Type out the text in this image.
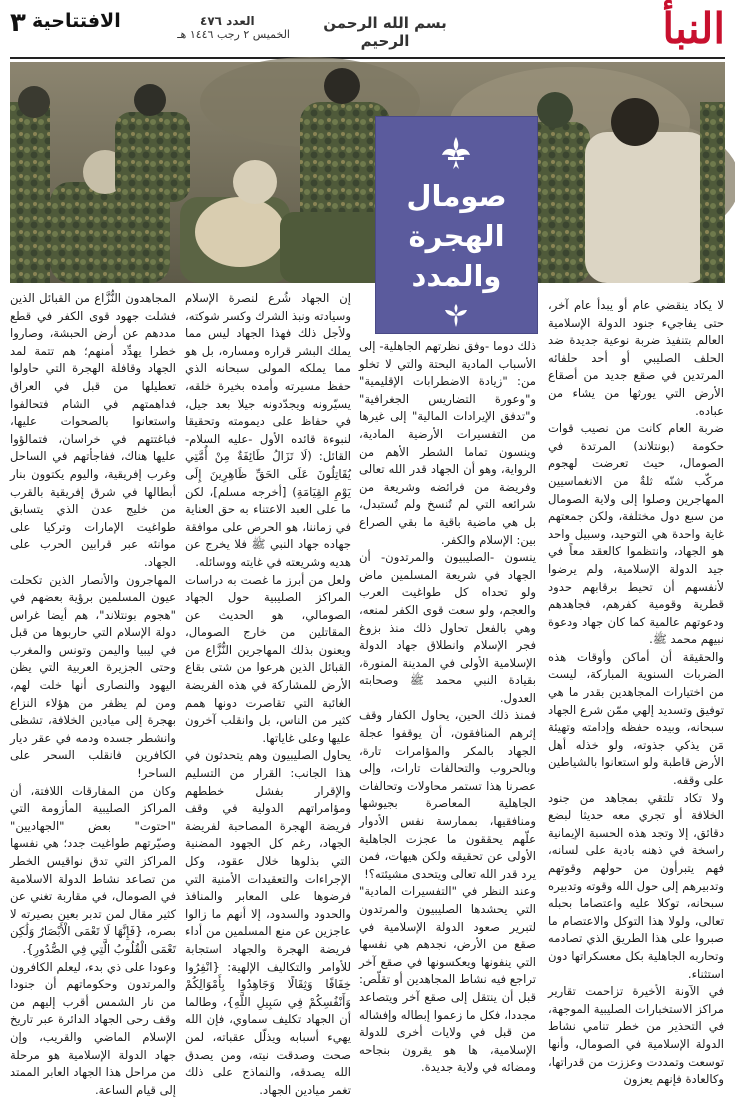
النبأ
بسم الله الرحمن الرحيم
العدد ٤٧٦
الخميس ٢ رجب ١٤٤٦ هـ
الافتتاحية
٣
صومال
الهجرة
والمدد

لا يكاد ينقضي عام أو يبدأ عام آخر، حتى يفاجيء جنود الدولة الإسلامية العالم بتنفيذ ضربة نوعية جديدة ضد الحلف الصليبي أو أحد حلفائه المرتدين في صقع جديد من أصقاع الأرض التي يورثها من يشاء من عباده.

ضربة العام كانت من نصيب قوات حكومة (بونتلاند) المرتدة في الصومال، حيث تعرضت لهجوم مركّب شنّه ثلةٌ من الانغماسيين المهاجرين وصلوا إلى ولاية الصومال من سبع دول مختلفة، ولكن جمعتهم غاية واحدة هي التوحيد، وسبيل واحد هو الجهاد، وانتظموا كالعقد معاً في جيد الدولة الإسلامية، ولم يرضوا لأنفسهم أن تحيط برقابهم حدود قطرية وقومية كفرهم، فجاهدهم ودعوتهم عالمية كما كان جهاد ودعوة نبيهم محمد ﷺ.

والحقيقة أن أماكن وأوقات هذه الضربات السنوية المباركة، ليست من اختيارات المجاهدين بقدر ما هي توفيق وتسديد إلهي ممّن شرع الجهاد سبحانه، وبيده حفظه وإدامته وتهيئة مَن يذكي جذوته، ولو خذله أهل الأرض قاطبة ولو استعانوا بالشياطين على وقفه.

ولا تكاد تلتقي بمجاهد من جنود الخلافة أو تجري معه حديثا لبضع دقائق، إلا وتجد هذه الحسبة الإيمانية راسخة في ذهنه بادية على لسانه، فهم يتبرأون من حولهم وقوتهم وتدبيرهم إلى حول الله وقوته وتدبيره سبحانه، توكلا عليه واعتصاما بحبله تعالى، ولولا هذا التوكل والاعتصام ما صبروا على هذا الطريق الذي تصادمه وتحاربه الجاهلية بكل معسكراتها دون استثناء.

في الآونة الأخيرة تزاحمت تقارير مراكز الاستخبارات الصليبية الموجهة، في التحذير من خطر تنامي نشاط الدولة الإسلامية في الصومال، وأنها توسعت وتمددت وعززت من قدراتها، وكالعادة فإنهم يعزون

ذلك دوما -وفق نظرتهم الجاهلية- إلى الأسباب المادية البحتة والتي لا تخلو من: "زيادة الاضطرابات الإقليمية" و"وعورة التضاريس الجغرافية" و"تدفق الإيرادات المالية" إلى غيرها من التفسيرات الأرضية المادية، وينسون تماما الشطر الأهم من الرواية، وهو أن الجهاد قدر الله تعالى وفريضة من فرائضه وشريعة من شرائعه التي لم تُنسخ ولم تُستبدل، بل هي ماضية باقية ما بقي الصراع بين: الإسلام والكفر.

ينسون -الصليبيون والمرتدون- أن الجهاد في شريعة المسلمين ماض ولو تحداه كل طواغيت العرب والعجم، ولو سعت قوى الكفر لمنعه، وهي بالفعل تحاول ذلك منذ بزوغ فجر الإسلام وانطلاق جهاد الدولة الإسلامية الأولى في المدينة المنورة، بقيادة النبي محمد ﷺ وصحابته العدول.

فمنذ ذلك الحين، يحاول الكفار وقف إثرهم المنافقون، أن يوقفوا عجلة الجهاد بالمكر والمؤامرات تارة، وبالحروب والتحالفات تارات، وإلى عصرنا هذا تستمر محاولات وتحالفات الجاهلية المعاصرة بجيوشها ومنافقيها، بممارسة نفس الأدوار علّهم يحققون ما عجزت الجاهلية الأولى عن تحقيقه ولكن هيهات، فمن يرد قدر الله تعالى ويتحدى مشيئته؟!

وعند النظر في "التفسيرات المادية" التي يحشدها الصليبيون والمرتدون لتبرير صعود الدولة الإسلامية في صقع من الأرض، نجدهم هي نفسها التي ينفونها ويعكسونها في صقع آخر تراجع فيه نشاط المجاهدين أو تقلّص: قبل أن ينتقل إلى صقع آخر ويتصاعد مجددا، فكل ما زعموا إبطاله وإفشاله من قبل في ولايات أخرى للدولة الإسلامية، ها هو يقرون بنجاحه ومضائه في ولاية جديدة.

إن الجهاد شُرع لنصرة الإسلام وسيادته ونبذ الشرك وكسر شوكته، ولأجل ذلك فهذا الجهاد ليس مما يملك البشر قراره ومساره، بل هو مما يملكه المولى سبحانه الذي حفظ مسيرته وأمده بخيرة خلقه، يسيّرونه ويجدّدونه جيلا بعد جيل، في حفاظ على ديمومته وتحقيقا لنبوءة قائده الأول -عليه السلام- القائل: (لَا تَزَالُ طَائِفَةٌ مِنْ أُمَّتِي يُقَاتِلُونَ عَلَى الحَقِّ ظَاهِرِينَ إِلَى يَوْمِ القِيَامَةِ) [أخرجه مسلم]، لكن ما على العبد الاعتناء به حق العناية في زماننا، هو الحرص على موافقة جهاده جهاد النبي ﷺ فلا يخرج عن هديه وشريعته في غايته ووسائله.

ولعل من أبرز ما غصت به دراسات المراكز الصليبية حول الجهاد الصومالي، هو الحديث عن المقاتلين من خارج الصومال، ويعنون بذلك المهاجرين النُّزَّاع من القبائل الذين هرعوا من شتى بقاع الأرض للمشاركة في هذه الفريضة الغائبة التي تقاصرت دونها همم كثير من الناس، بل وانقلب آخرون عليها وعلى غاياتها.

يحاول الصليبيون وهم يتحدثون في هذا الجانب: القرار من التسليم والإقرار بفشل خططهم ومؤامراتهم الدولية في وقف فريضة الهجرة المصاحبة لفريضة الجهاد، رغم كل الجهود المضنية التي بذلوها خلال عقود، وكل الإجراءات والتعقيدات الأمنية التي فرضوها على المعابر والمنافذ والحدود والسدود، إلا أنهم ما زالوا عاجزين عن منع المسلمين من أداء فريضة الهجرة والجهاد استجابة للأوامر والتكاليف الإلهية: {انْفِرُوا خِفَافًا وَثِقَالًا وَجَاهِدُوا بِأَمْوَالِكُمْ وَأَنْفُسِكُمْ فِي سَبِيلِ اللَّهِ}، وطالما أن الجهاد تكليف سماوي، فإن الله يهيء أسبابه ويذلّل عقباته، لمن صحت وصدقت نيته، ومن يصدق الله يصدقه، والنماذج على ذلك تغمر ميادين الجهاد.

المجاهدون النُّزَّاع من القبائل الذين فشلت جهود قوى الكفر في قطع مددهم عن أرض الحبشة، وصاروا خطرا يهدِّد أمنهم؛ هم تتمة لمد الجهاد وقافلة الهجرة التي حاولوا تعطيلها من قبل في العراق فداهمتهم في الشام فتحالفوا واستعانوا بالصحوات عليها، فباغتتهم في خراسان، فتمالؤوا عليها هناك، ففاجأتهم في الساحل وغرب إفريقية، واليوم يكتوون بنار أبطالها في شرق إفريقية بالقرب من خليج عدن الذي يتسابق طواغيت الإمارات وتركيا على موانئه عبر قرابين الحرب على الجهاد.

المهاجرون والأنصار الذين تكحلت عيون المسلمين برؤية بعضهم في "هجوم بونتلاند"، هم أيضا غراس دولة الإسلام التي حاربوها من قبل في ليبيا واليمن وتونس والمغرب وحتى الجزيرة العربية التي يظن اليهود والنصارى أنها خلت لهم، ومن لم يظفر من هؤلاء النزاع بهجرة إلى ميادين الخلافة، تشظى وانشطر جسده ودمه في عقر ديار الكافرين فانقلب السحر على الساحر!

وكان من المفارقات اللافتة، أن المراكز الصليبية المأزومة التي "احتوت" بعض "الجهاديين" وصيّرتهم طواغيت جدد؛ هي نفسها المراكز التي تدق نواقيس الخطر من تصاعد نشاط الدولة الاسلامية في الصومال، في مقاربة تغني عن كثير مقال لمن تدبر بعين بصيرته لا بصره، {فَإِنَّهَا لَا تَعْمَى الْأَبْصَارُ وَلَٰكِن تَعْمَى الْقُلُوبُ الَّتِي فِي الصُّدُورِ}.

وعودا على ذي بدء، ليعلم الكافرون والمرتدون وحكوماتهم أن جنودا من نار الشمس أقرب إليهم من وقف رحى الجهاد الدائرة عبر تاريخ الإسلام الماضي والقريب، وإن جهاد الدولة الإسلامية هو مرحلة من مراحل هذا الجهاد العابر الممتد إلى قيام الساعة.
